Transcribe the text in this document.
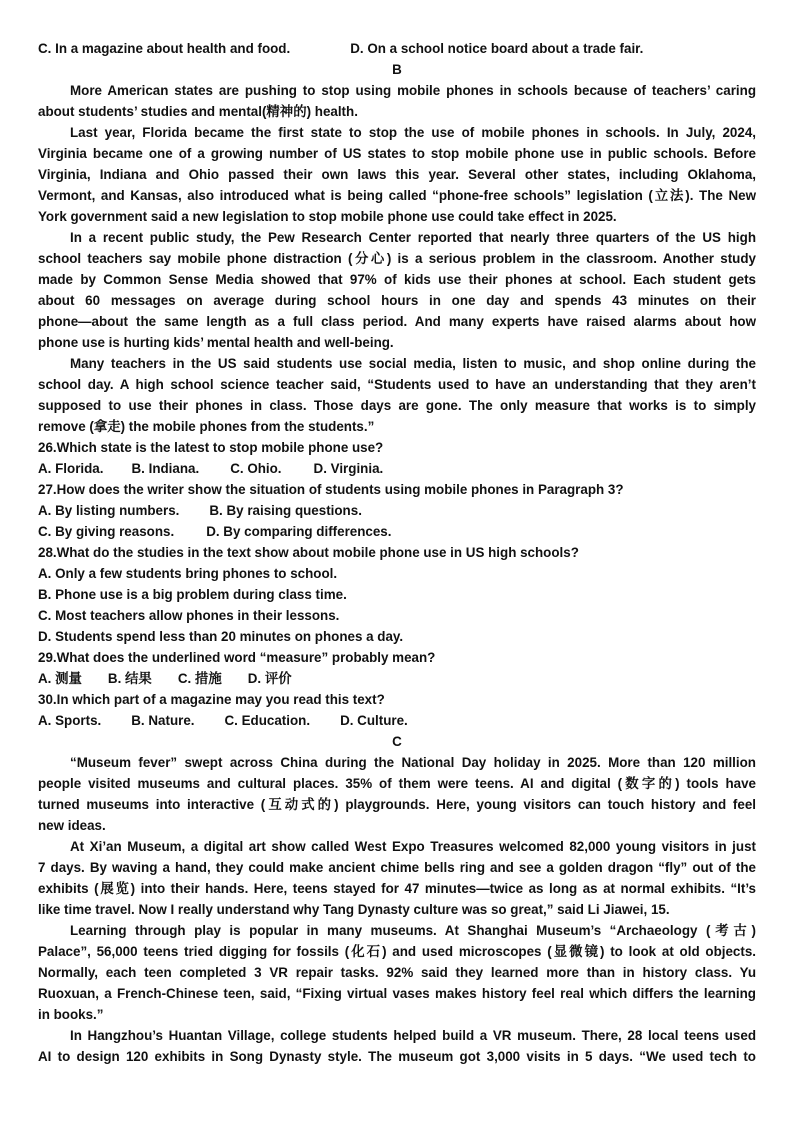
C. In a magazine about health and food.	D. On a school notice board about a trade fair.
B
More American states are pushing to stop using mobile phones in schools because of teachers’ caring
about students’ studies and mental(精神的) health.
Last year, Florida became the first state to stop the use of mobile phones in schools. In July, 2024,
Virginia became one of a growing number of US states to stop mobile phone use in public schools. Before
Virginia, Indiana and Ohio passed their own laws this year. Several other states, including Oklahoma,
Vermont, and Kansas, also introduced what is being called “phone-free schools” legislation (立法). The New
York government said a new legislation to stop mobile phone use could take effect in 2025.
In a recent public study, the Pew Research Center reported that nearly three quarters of the US high
school teachers say mobile phone distraction (分心) is a serious problem in the classroom. Another study
made by Common Sense Media showed that 97% of kids use their phones at school. Each student gets
about 60 messages on average during school hours in one day and spends 43 minutes on their
phone—about the same length as a full class period. And many experts have raised alarms about how
phone use is hurting kids’ mental health and well-being.
Many teachers in the US said students use social media, listen to music, and shop online during the
school day. A high school science teacher said, “Students used to have an understanding that they aren’t
supposed to use their phones in class. Those days are gone. The only measure that works is to simply
remove (拿走) the mobile phones from the students.”
26.Which state is the latest to stop mobile phone use?
A. Florida. B. Indiana. C. Ohio. D. Virginia.
27.How does the writer show the situation of students using mobile phones in Paragraph 3?
A. By listing numbers. B. By raising questions.
C. By giving reasons. D. By comparing differences.
28.What do the studies in the text show about mobile phone use in US high schools?
A. Only a few students bring phones to school.
B. Phone use is a big problem during class time.
C. Most teachers allow phones in their lessons.
D. Students spend less than 20 minutes on phones a day.
29.What does the underlined word “measure” probably mean?
A. 测量 B. 结果 C. 措施 D. 评价
30.In which part of a magazine may you read this text?
A. Sports. B. Nature. C. Education. D. Culture.
C
“Museum fever” swept across China during the National Day holiday in 2025. More than 120 million
people visited museums and cultural places. 35% of them were teens. AI and digital (数字的) tools have
turned museums into interactive (互动式的) playgrounds. Here, young visitors can touch history and feel
new ideas.
At Xi’an Museum, a digital art show called West Expo Treasures welcomed 82,000 young visitors in just
7 days. By waving a hand, they could make ancient chime bells ring and see a golden dragon “fly” out of the
exhibits (展览) into their hands. Here, teens stayed for 47 minutes—twice as long as at normal exhibits. “It’s
like time travel. Now I really understand why Tang Dynasty culture was so great,” said Li Jiawei, 15.
Learning through play is popular in many museums. At Shanghai Museum’s “Archaeology (考古)
Palace”, 56,000 teens tried digging for fossils (化石) and used microscopes (显微镜) to look at old objects.
Normally, each teen completed 3 VR repair tasks. 92% said they learned more than in history class. Yu
Ruoxuan, a French-Chinese teen, said, “Fixing virtual vases makes history feel real which differs the learning
in books.”
In Hangzhou’s Huantan Village, college students helped build a VR museum. There, 28 local teens used
AI to design 120 exhibits in Song Dynasty style. The museum got 3,000 visits in 5 days. “We used tech to
